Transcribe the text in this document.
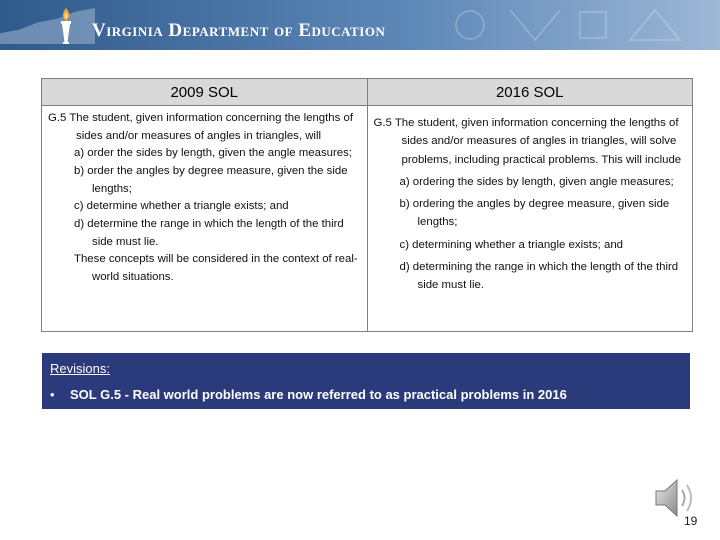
Virginia Department of Education
2009 SOL

G.5 The student, given information concerning the lengths of sides and/or measures of angles in triangles, will

a) order the sides by length, given the angle measures;

b) order the angles by degree measure, given the side lengths;

c) determine whether a triangle exists; and

d) determine the range in which the length of the third side must lie.

These concepts will be considered in the context of real-world situations.

2016 SOL

G.5 The student, given information concerning the lengths of sides and/or measures of angles in triangles, will solve problems, including practical problems. This will include

a) ordering the sides by length, given angle measures;

b) ordering the angles by degree measure, given side lengths;

c) determining whether a triangle exists; and

d) determining the range in which the length of the third side must lie.

Revisions:
• SOL G.5 - Real world problems are now referred to as practical problems in 2016
19
